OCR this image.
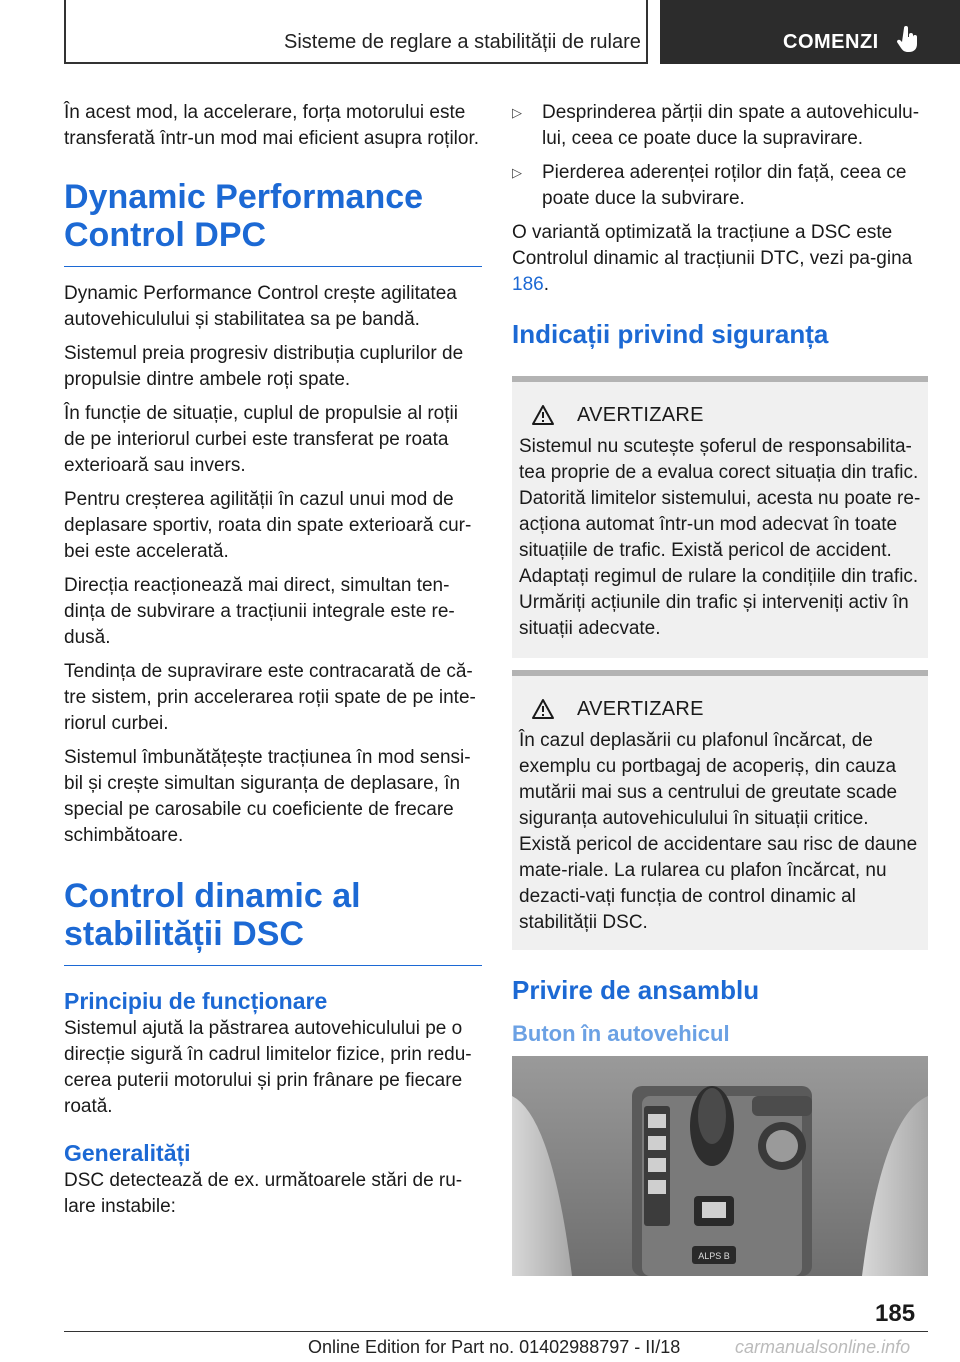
Sisteme de reglare a stabilității de rulare	COMENZI

În acest mod, la accelerare, forța motorului este transferată într-un mod mai eficient asupra roților.

Dynamic Performance Control DPC

Dynamic Performance Control crește agilitatea autovehiculului și stabilitatea sa pe bandă.

Sistemul preia progresiv distribuția cuplurilor de propulsie dintre ambele roți spate.

În funcție de situație, cuplul de propulsie al roții de pe interiorul curbei este transferat pe roata exterioară sau invers.

Pentru creșterea agilității în cazul unui mod de deplasare sportiv, roata din spate exterioară cur-bei este accelerată.

Direcția reacționează mai direct, simultan ten-dința de subvirare a tracțiunii integrale este re-dusă.

Tendința de supravirare este contracarată de că-tre sistem, prin accelerarea roții spate de pe inte-riorul curbei.

Sistemul îmbunătățește tracțiunea în mod sensi-bil și crește simultan siguranța de deplasare, în special pe carosabile cu coeficiente de frecare schimbătoare.

Control dinamic al stabilității DSC
Principiu de funcționare

Sistemul ajută la păstrarea autovehiculului pe o direcție sigură în cadrul limitelor fizice, prin redu-cerea puterii motorului și prin frânare pe fiecare roată.

Generalități

DSC detectează de ex. următoarele stări de ru-lare instabile:

▷ Desprinderea părții din spate a autovehiculu-lui, ceea ce poate duce la supravirare.
▷ Pierderea aderenței roților din față, ceea ce poate duce la subvirare.

O variantă optimizată la tracțiune a DSC este Controlul dinamic al tracțiunii DTC, vezi pa-gina 186.

Indicații privind siguranța
AVERTIZARE

Sistemul nu scutește șoferul de responsabilita-tea proprie de a evalua corect situația din trafic. Datorită limitelor sistemului, acesta nu poate re-acționa automat într-un mod adecvat în toate situațiile de trafic. Există pericol de accident. Adaptați regimul de rulare la condițiile din trafic. Urmăriți acțiunile din trafic și interveniți activ în situații adecvate.

AVERTIZARE

În cazul deplasării cu plafonul încărcat, de exemplu cu portbagaj de acoperiș, din cauza mutării mai sus a centrului de greutate scade siguranța autovehiculului în situații critice. Există pericol de accidentare sau risc de daune mate-riale. La rularea cu plafon încărcat, nu dezacti-vați funcția de control dinamic al stabilității DSC.

Privire de ansamblu
Buton în autovehicul
ALPS B
185
Online Edition for Part no. 01402988797 - II/18	carmanualsonline.info
